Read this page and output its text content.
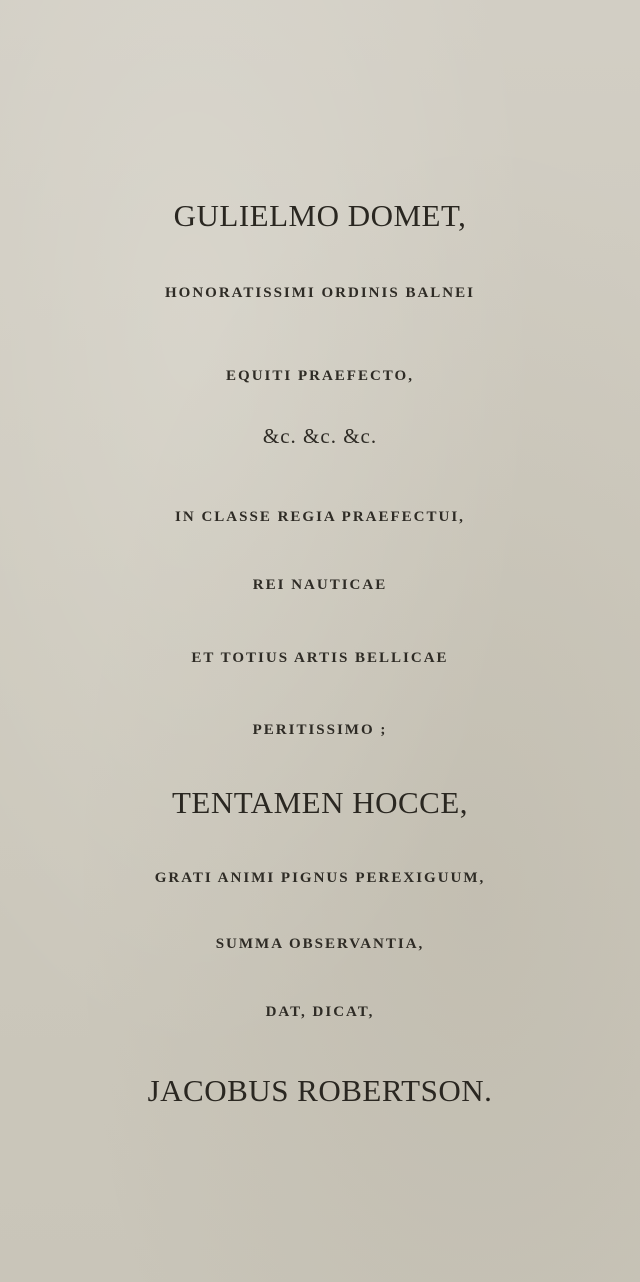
GULIELMO DOMET,
HONORATISSIMI ORDINIS BALNEI
EQUITI PRAEFECTO,
&c. &c. &c.
IN CLASSE REGIA PRAEFECTUI,
REI NAUTICAE
ET TOTIUS ARTIS BELLICAE
PERITISSIMO ;
TENTAMEN HOCCE,
GRATI ANIMI PIGNUS PEREXIGUUM,
SUMMA OBSERVANTIA,
DAT, DICAT,
JACOBUS ROBERTSON.
